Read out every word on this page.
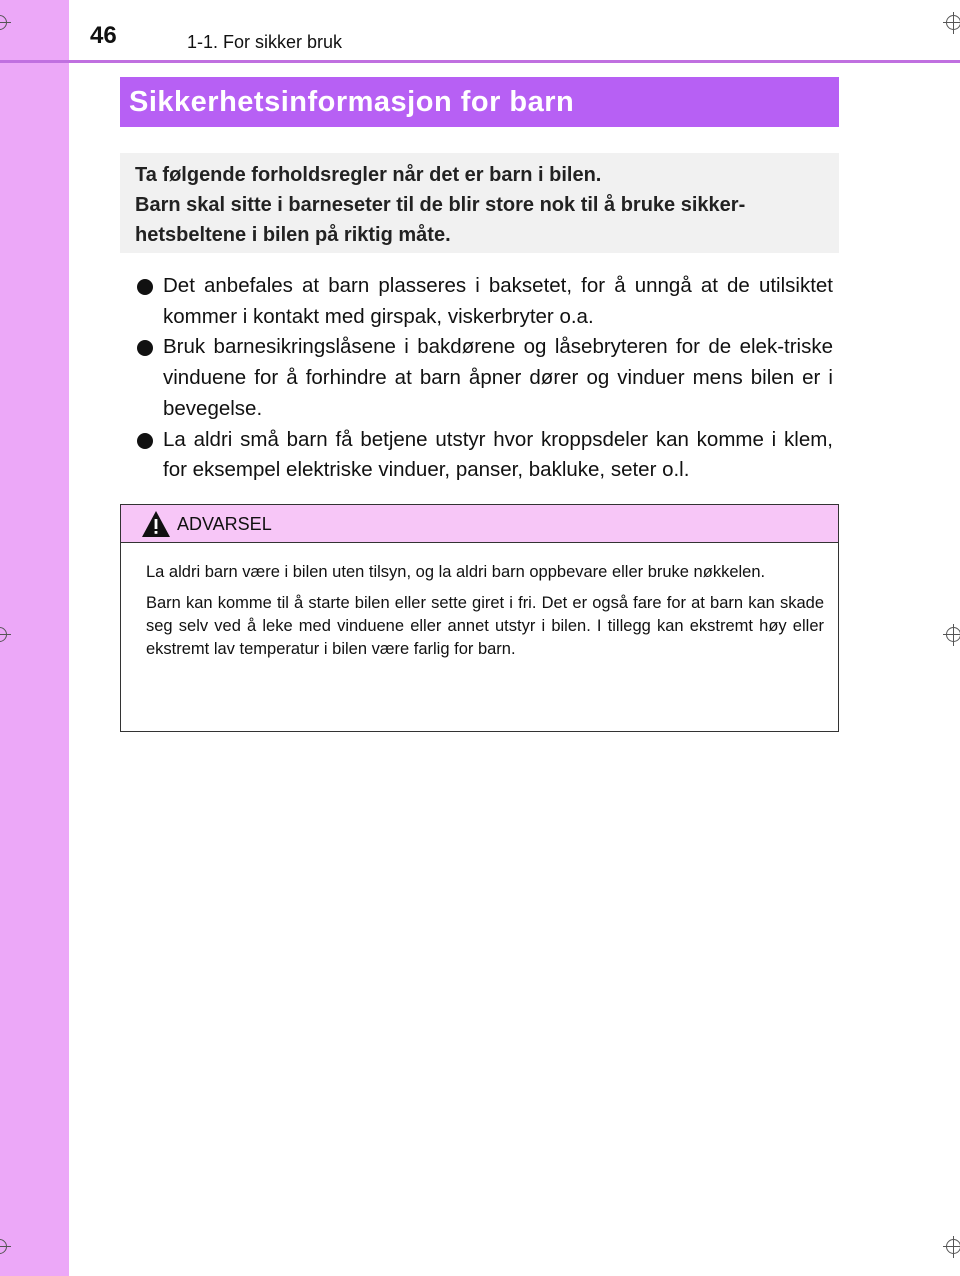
46	1-1. For sikker bruk
Sikkerhetsinformasjon for barn
Ta følgende forholdsregler når det er barn i bilen.
Barn skal sitte i barneseter til de blir store nok til å bruke sikker-
hetsbeltene i bilen på riktig måte.
Det anbefales at barn plasseres i baksetet, for å unngå at de utilsiktet kommer i kontakt med girspak, viskerbryter o.a.
Bruk barnesikringslåsene i bakdørene og låsebryteren for de elek-triske vinduene for å forhindre at barn åpner dører og vinduer mens bilen er i bevegelse.
La aldri små barn få betjene utstyr hvor kroppsdeler kan komme i klem, for eksempel elektriske vinduer, panser, bakluke, seter o.l.
ADVARSEL

La aldri barn være i bilen uten tilsyn, og la aldri barn oppbevare eller bruke nøkkelen.

Barn kan komme til å starte bilen eller sette giret i fri. Det er også fare for at barn kan skade seg selv ved å leke med vinduene eller annet utstyr i bilen. I tillegg kan ekstremt høy eller ekstremt lav temperatur i bilen være farlig for barn.
